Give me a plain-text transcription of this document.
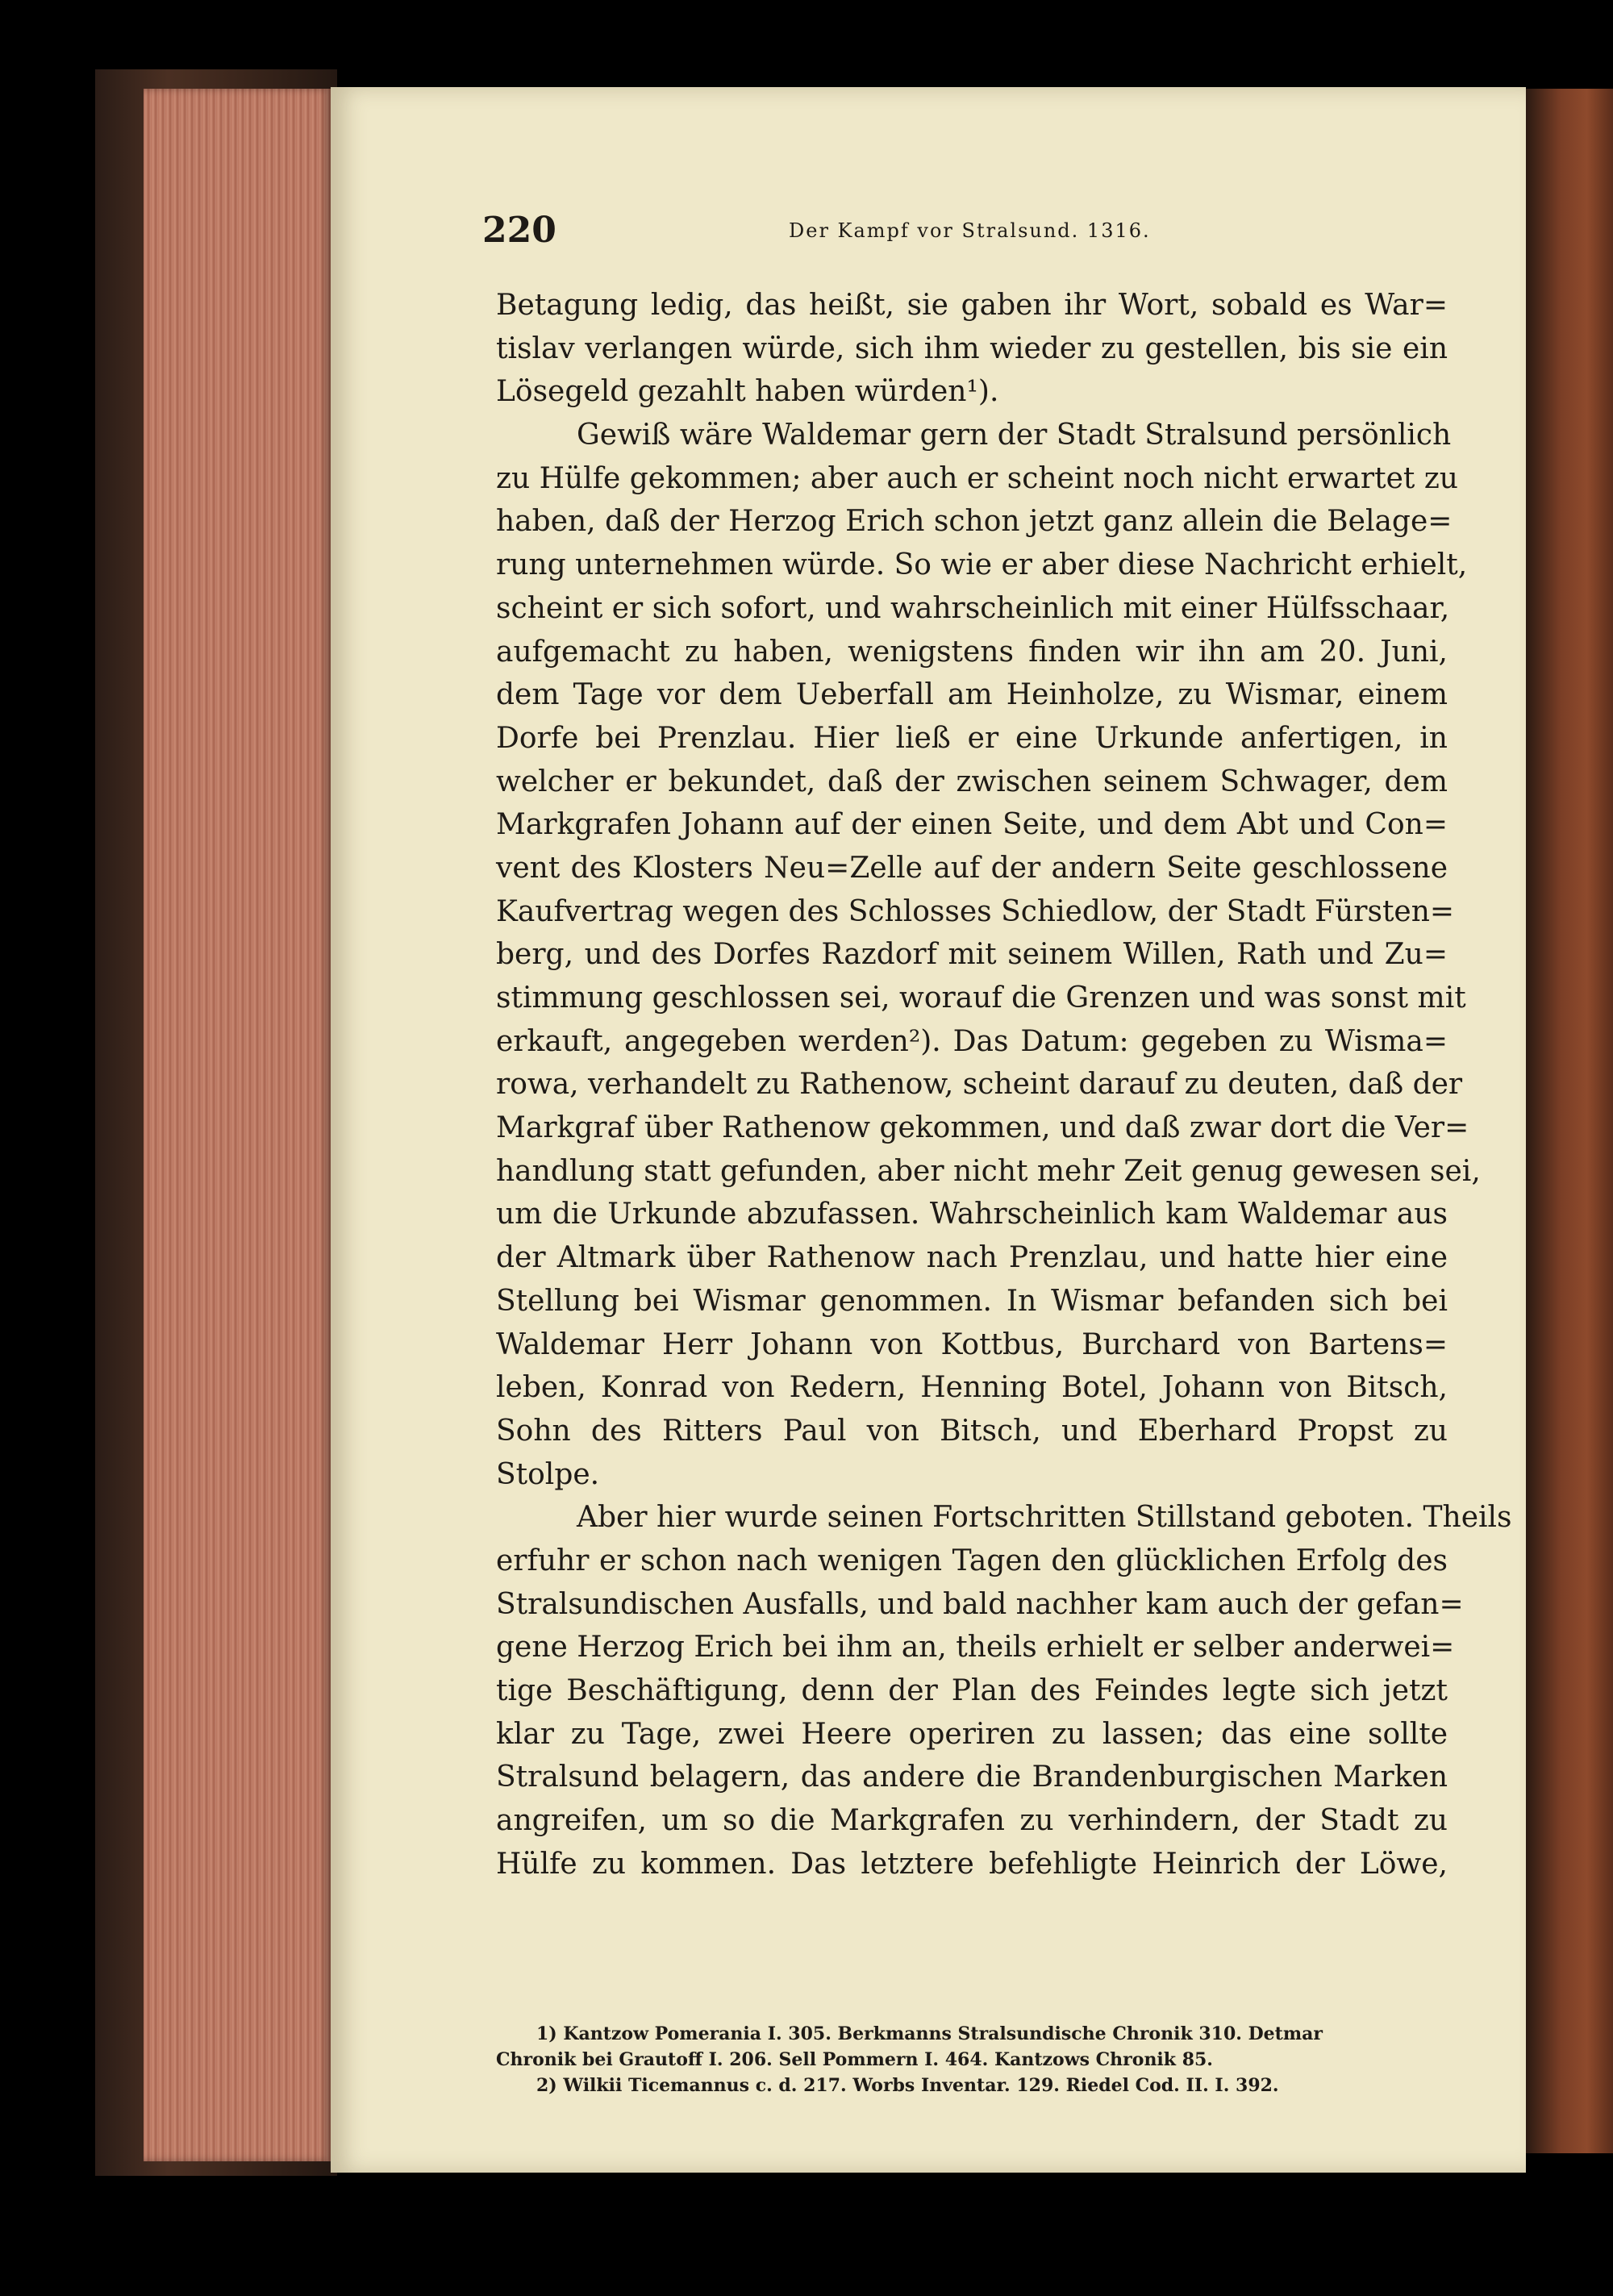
220	Der Kampf vor Stralsund. 1316.
Betagung ledig, das heißt, sie gaben ihr Wort, sobald es War=
tislav verlangen würde, sich ihm wieder zu gestellen, bis sie ein
Lösegeld gezahlt haben würden¹).
Gewiß wäre Waldemar gern der Stadt Stralsund persönlich
zu Hülfe gekommen; aber auch er scheint noch nicht erwartet zu
haben, daß der Herzog Erich schon jetzt ganz allein die Belage=
rung unternehmen würde. So wie er aber diese Nachricht erhielt,
scheint er sich sofort, und wahrscheinlich mit einer Hülfsschaar,
aufgemacht zu haben, wenigstens finden wir ihn am 20. Juni,
dem Tage vor dem Ueberfall am Heinholze, zu Wismar, einem
Dorfe bei Prenzlau. Hier ließ er eine Urkunde anfertigen, in
welcher er bekundet, daß der zwischen seinem Schwager, dem
Markgrafen Johann auf der einen Seite, und dem Abt und Con=
vent des Klosters Neu=Zelle auf der andern Seite geschlossene
Kaufvertrag wegen des Schlosses Schiedlow, der Stadt Fürsten=
berg, und des Dorfes Razdorf mit seinem Willen, Rath und Zu=
stimmung geschlossen sei, worauf die Grenzen und was sonst mit
erkauft, angegeben werden²). Das Datum: gegeben zu Wisma=
rowa, verhandelt zu Rathenow, scheint darauf zu deuten, daß der
Markgraf über Rathenow gekommen, und daß zwar dort die Ver=
handlung statt gefunden, aber nicht mehr Zeit genug gewesen sei,
um die Urkunde abzufassen. Wahrscheinlich kam Waldemar aus
der Altmark über Rathenow nach Prenzlau, und hatte hier eine
Stellung bei Wismar genommen. In Wismar befanden sich bei
Waldemar Herr Johann von Kottbus, Burchard von Bartens=
leben, Konrad von Redern, Henning Botel, Johann von Bitsch,
Sohn des Ritters Paul von Bitsch, und Eberhard Propst zu
Stolpe.
Aber hier wurde seinen Fortschritten Stillstand geboten. Theils
erfuhr er schon nach wenigen Tagen den glücklichen Erfolg des
Stralsundischen Ausfalls, und bald nachher kam auch der gefan=
gene Herzog Erich bei ihm an, theils erhielt er selber anderwei=
tige Beschäftigung, denn der Plan des Feindes legte sich jetzt
klar zu Tage, zwei Heere operiren zu lassen; das eine sollte
Stralsund belagern, das andere die Brandenburgischen Marken
angreifen, um so die Markgrafen zu verhindern, der Stadt zu
Hülfe zu kommen. Das letztere befehligte Heinrich der Löwe,
1) Kantzow Pomerania I. 305. Berkmanns Stralsundische Chronik 310. Detmar
Chronik bei Grautoff I. 206. Sell Pommern I. 464. Kantzows Chronik 85.
2) Wilkii Ticemannus c. d. 217. Worbs Inventar. 129. Riedel Cod. II. I. 392.
